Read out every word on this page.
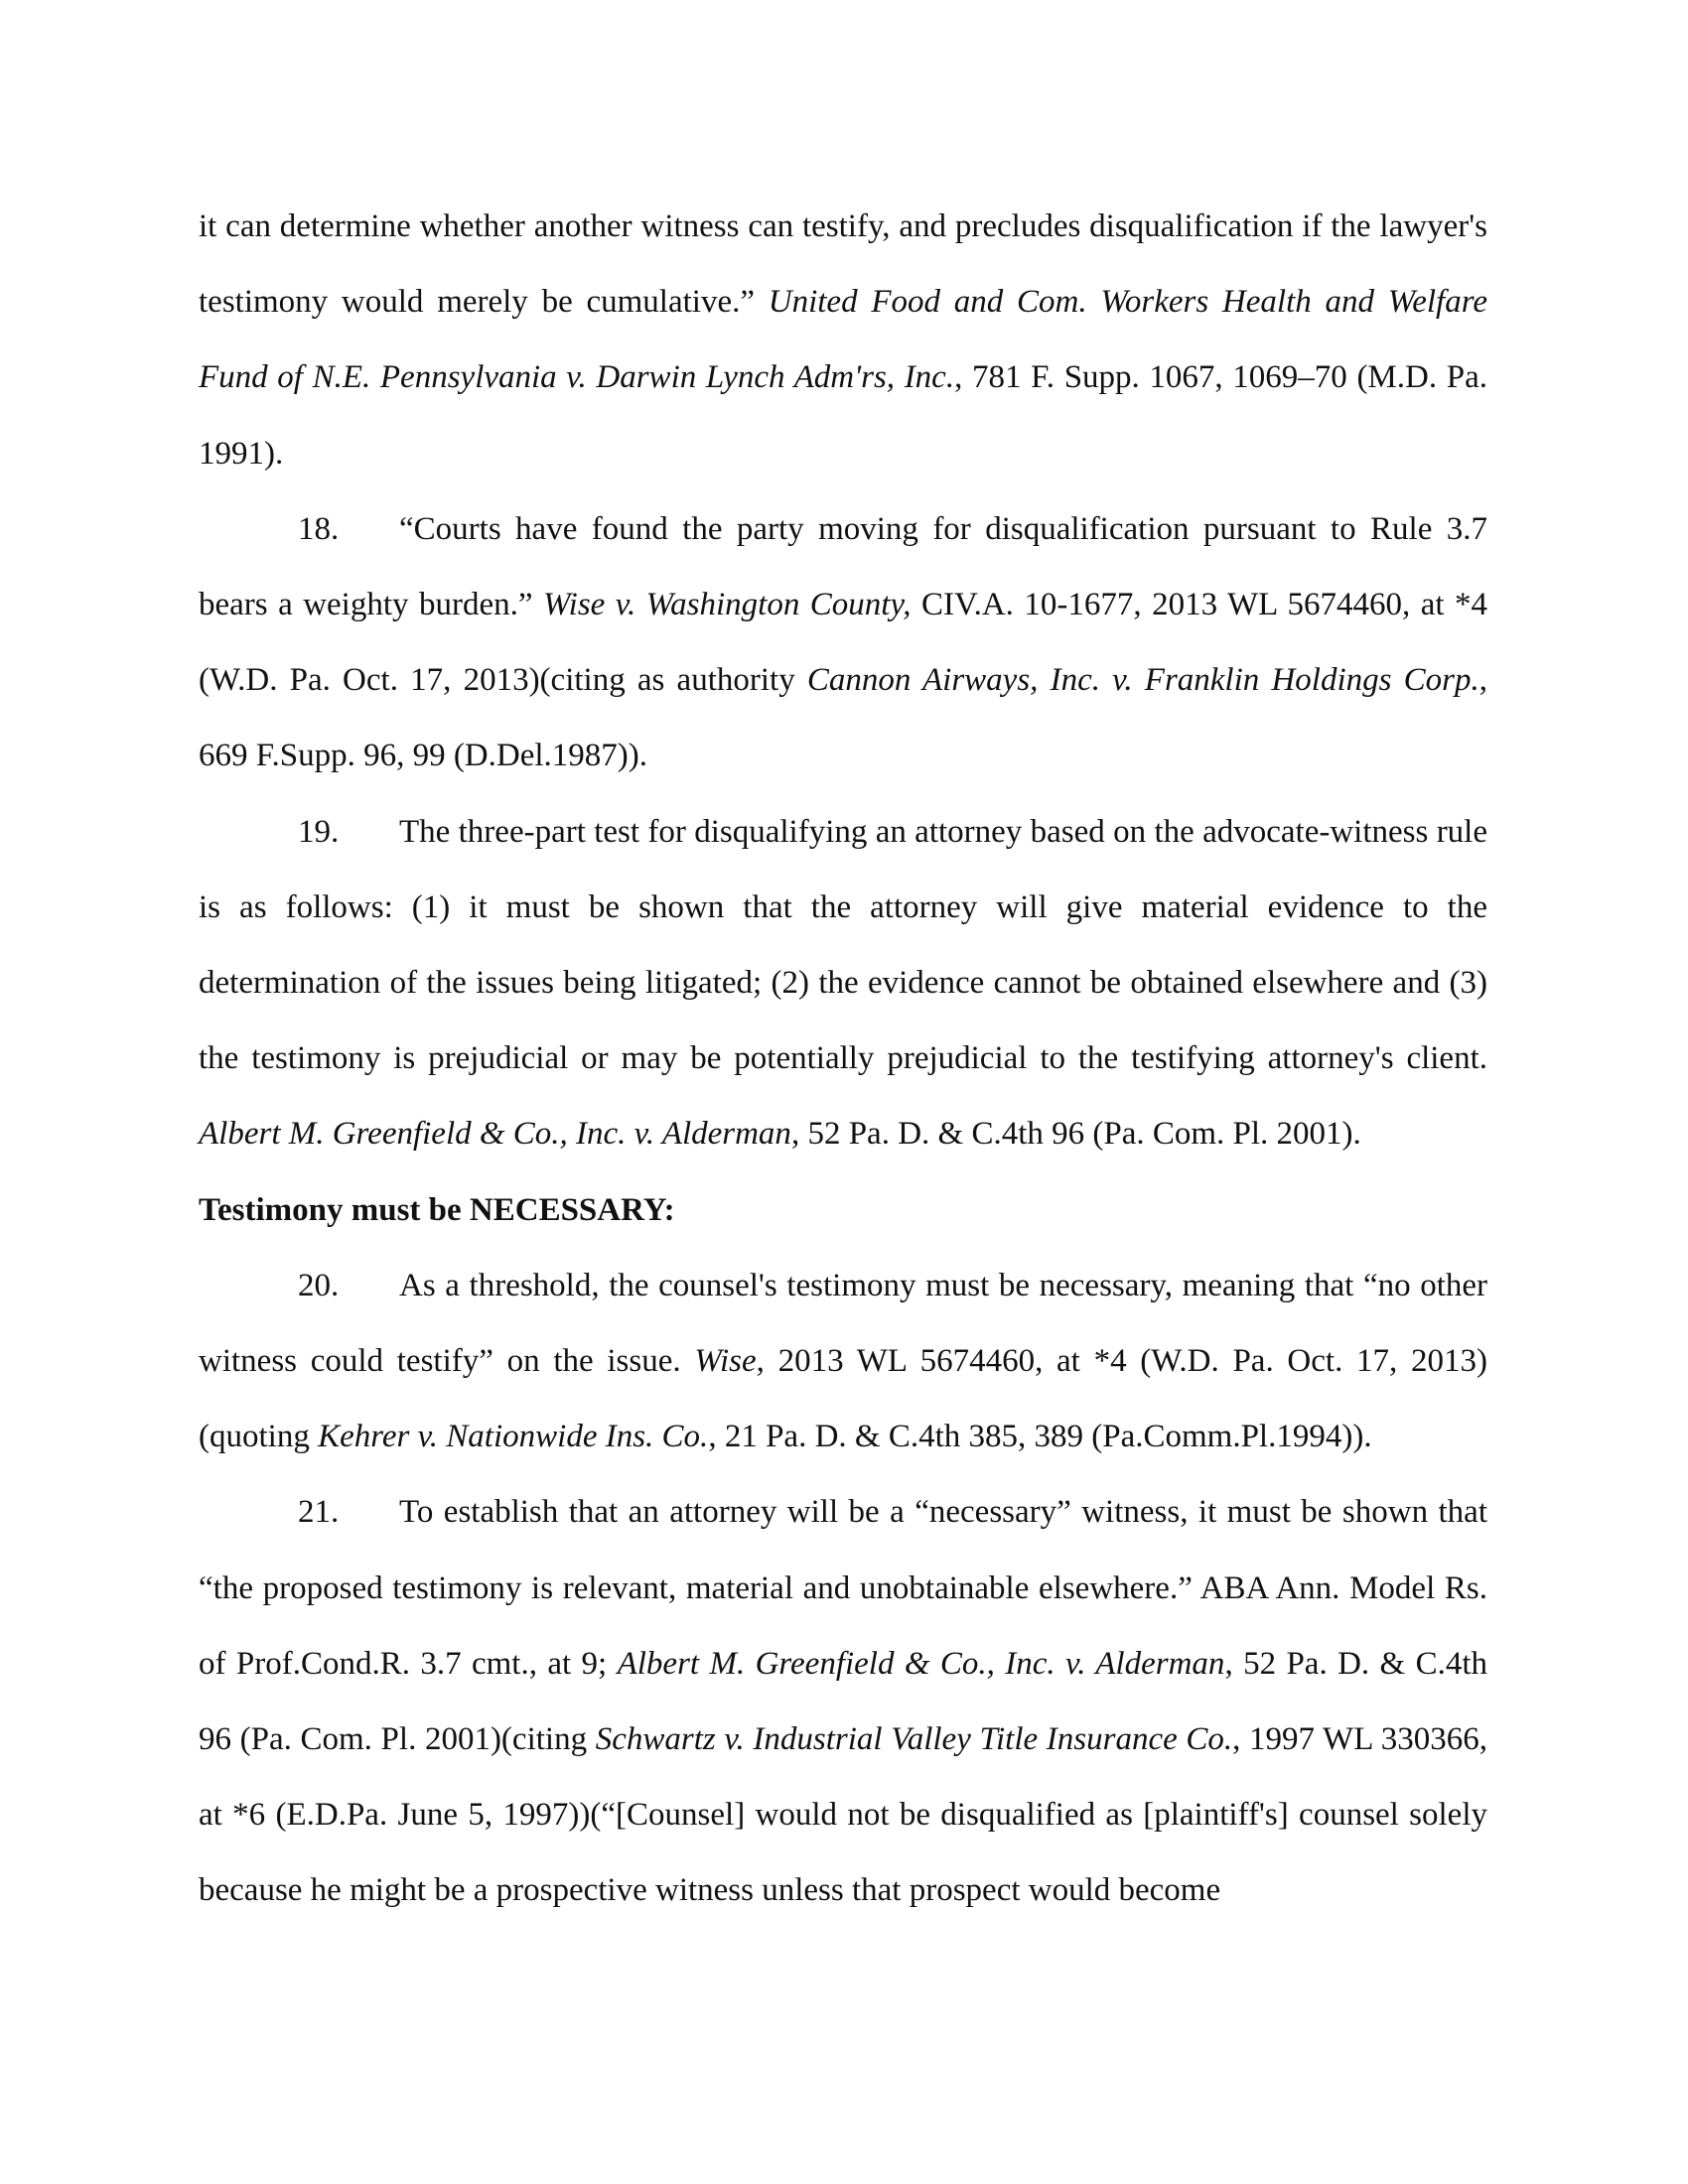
it can determine whether another witness can testify, and precludes disqualification if the lawyer's testimony would merely be cumulative.” United Food and Com. Workers Health and Welfare Fund of N.E. Pennsylvania v. Darwin Lynch Adm'rs, Inc., 781 F. Supp. 1067, 1069–70 (M.D. Pa. 1991).

18. “Courts have found the party moving for disqualification pursuant to Rule 3.7 bears a weighty burden.” Wise v. Washington County, CIV.A. 10-1677, 2013 WL 5674460, at *4 (W.D. Pa. Oct. 17, 2013)(citing as authority Cannon Airways, Inc. v. Franklin Holdings Corp., 669 F.Supp. 96, 99 (D.Del.1987)).

19. The three-part test for disqualifying an attorney based on the advocate-witness rule is as follows: (1) it must be shown that the attorney will give material evidence to the determination of the issues being litigated; (2) the evidence cannot be obtained elsewhere and (3) the testimony is prejudicial or may be potentially prejudicial to the testifying attorney's client. Albert M. Greenfield & Co., Inc. v. Alderman, 52 Pa. D. & C.4th 96 (Pa. Com. Pl. 2001).

Testimony must be NECESSARY:

20. As a threshold, the counsel's testimony must be necessary, meaning that “no other witness could testify” on the issue. Wise, 2013 WL 5674460, at *4 (W.D. Pa. Oct. 17, 2013)(quoting Kehrer v. Nationwide Ins. Co., 21 Pa. D. & C.4th 385, 389 (Pa.Comm.Pl.1994)).

21. To establish that an attorney will be a “necessary” witness, it must be shown that “the proposed testimony is relevant, material and unobtainable elsewhere.” ABA Ann. Model Rs. of Prof.Cond.R. 3.7 cmt., at 9; Albert M. Greenfield & Co., Inc. v. Alderman, 52 Pa. D. & C.4th 96 (Pa. Com. Pl. 2001)(citing Schwartz v. Industrial Valley Title Insurance Co., 1997 WL 330366, at *6 (E.D.Pa. June 5, 1997))(“[Counsel] would not be disqualified as [plaintiff's] counsel solely because he might be a prospective witness unless that prospect would become
